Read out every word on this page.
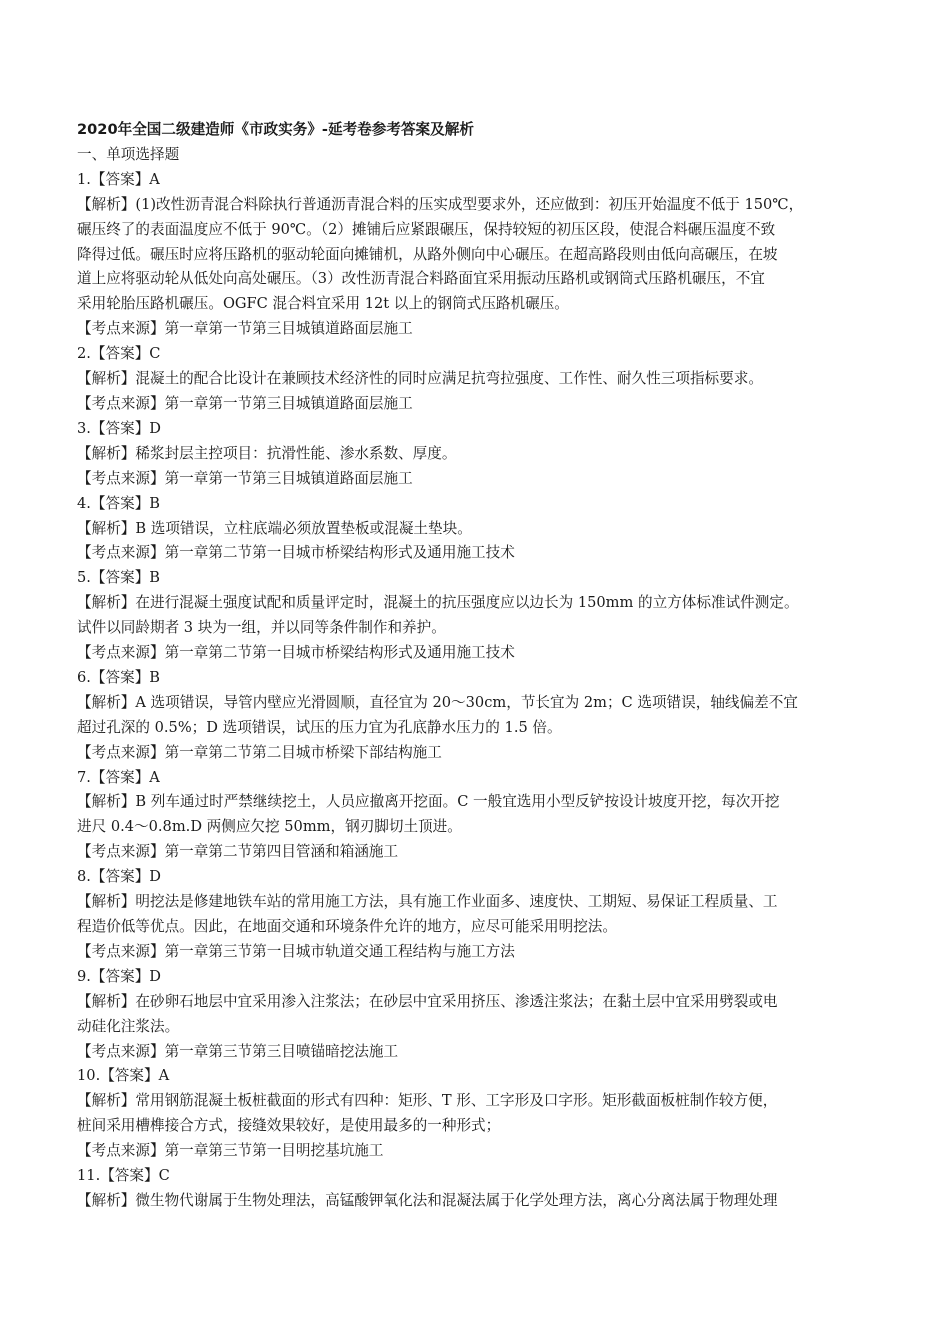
2020年全国二级建造师《市政实务》-延考卷参考答案及解析
一、单项选择题
1.【答案】A
【解析】(1)改性沥青混合料除执行普通沥青混合料的压实成型要求外，还应做到：初压开始温度不低于 150℃，
碾压终了的表面温度应不低于 90℃。（2）摊铺后应紧跟碾压，保持较短的初压区段，使混合料碾压温度不致
降得过低。碾压时应将压路机的驱动轮面向摊铺机，从路外侧向中心碾压。在超高路段则由低向高碾压，在坡
道上应将驱动轮从低处向高处碾压。（3）改性沥青混合料路面宜采用振动压路机或钢筒式压路机碾压，不宜
采用轮胎压路机碾压。OGFC 混合料宜采用 12t 以上的钢筒式压路机碾压。
【考点来源】第一章第一节第三目城镇道路面层施工
2.【答案】C
【解析】混凝土的配合比设计在兼顾技术经济性的同时应满足抗弯拉强度、工作性、耐久性三项指标要求。
【考点来源】第一章第一节第三目城镇道路面层施工
3.【答案】D
【解析】稀浆封层主控项目：抗滑性能、渗水系数、厚度。
【考点来源】第一章第一节第三目城镇道路面层施工
4.【答案】B
【解析】B 选项错误，立柱底端必须放置垫板或混凝土垫块。
【考点来源】第一章第二节第一目城市桥梁结构形式及通用施工技术
5.【答案】B
【解析】在进行混凝土强度试配和质量评定时，混凝土的抗压强度应以边长为 150mm 的立方体标准试件测定。
试件以同龄期者 3 块为一组，并以同等条件制作和养护。
【考点来源】第一章第二节第一目城市桥梁结构形式及通用施工技术
6.【答案】B
【解析】A 选项错误，导管内壁应光滑圆顺，直径宜为 20～30cm，节长宜为 2m；C 选项错误，轴线偏差不宜
超过孔深的 0.5%；D 选项错误，试压的压力宜为孔底静水压力的 1.5 倍。
【考点来源】第一章第二节第二目城市桥梁下部结构施工
7.【答案】A
【解析】B 列车通过时严禁继续挖土，人员应撤离开挖面。C 一般宜选用小型反铲按设计坡度开挖，每次开挖
进尺 0.4～0.8m.D 两侧应欠挖 50mm，钢刃脚切土顶进。
【考点来源】第一章第二节第四目管涵和箱涵施工
8.【答案】D
【解析】明挖法是修建地铁车站的常用施工方法，具有施工作业面多、速度快、工期短、易保证工程质量、工
程造价低等优点。因此，在地面交通和环境条件允许的地方，应尽可能采用明挖法。
【考点来源】第一章第三节第一目城市轨道交通工程结构与施工方法
9.【答案】D
【解析】在砂卵石地层中宜采用渗入注浆法；在砂层中宜采用挤压、渗透注浆法；在黏土层中宜采用劈裂或电
动硅化注浆法。
【考点来源】第一章第三节第三目喷锚暗挖法施工
10.【答案】A
【解析】常用钢筋混凝土板桩截面的形式有四种：矩形、T 形、工字形及口字形。矩形截面板桩制作较方便，
桩间采用槽榫接合方式，接缝效果较好，是使用最多的一种形式；
【考点来源】第一章第三节第一目明挖基坑施工
11.【答案】C
【解析】微生物代谢属于生物处理法，高锰酸钾氧化法和混凝法属于化学处理方法，离心分离法属于物理处理
